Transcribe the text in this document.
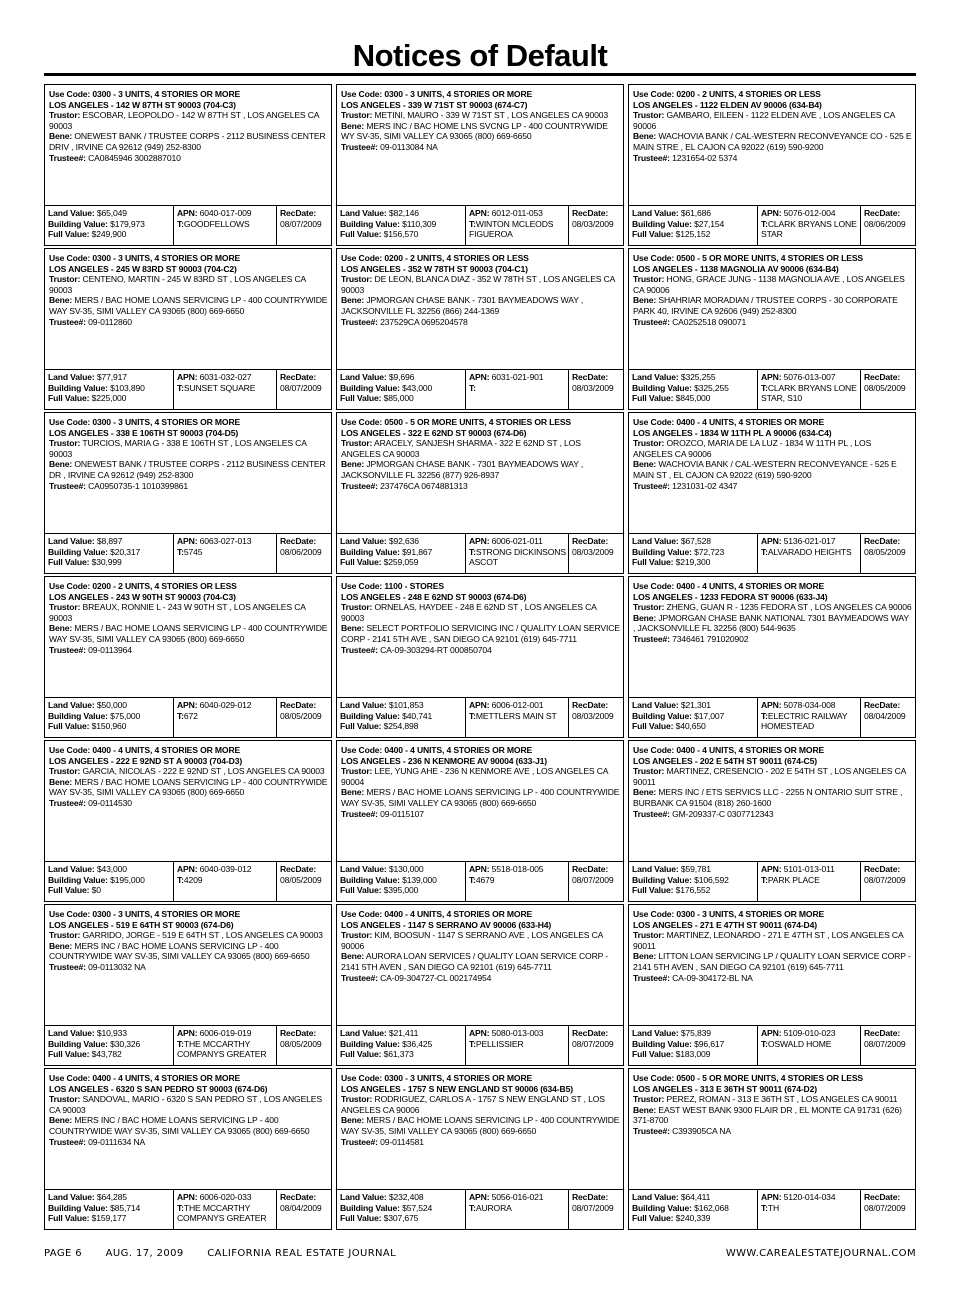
Notices of Default
Use Code: 0300 - 3 UNITS, 4 STORIES OR MORE
LOS ANGELES - 142 W 87TH ST 90003 (704-C3)
Trustor: ESCOBAR, LEOPOLDO - 142 W 87TH ST , LOS ANGELES CA 90003
Bene: ONEWEST BANK / TRUSTEE CORPS - 2112 BUSINESS CENTER DRIV , IRVINE CA 92612 (949) 252-8300
Trustee#: CA0845946 3002887010
Land Value: $65,049
Building Value: $179,973
Full Value: $249,900
APN: 6040-017-009
T:GOODFELLOWS
RecDate:
08/07/2009
Use Code: 0300 - 3 UNITS, 4 STORIES OR MORE
LOS ANGELES - 339 W 71ST ST 90003 (674-C7)
Trustor: METINI, MAURO - 339 W 71ST ST , LOS ANGELES CA 90003
Bene: MERS INC / BAC HOME LNS SVCNG LP - 400 COUNTRYWIDE WY SV-35, SIMI VALLEY CA 93065 (800) 669-6650
Trustee#: 09-0113084 NA
Land Value: $82,146
Building Value: $110,309
Full Value: $156,570
APN: 6012-011-053
T:WINTON MCLEODS FIGUEROA
RecDate:
08/03/2009
Use Code: 0200 - 2 UNITS, 4 STORIES OR LESS
LOS ANGELES - 1122 ELDEN AV 90006 (634-B4)
Trustor: GAMBARO, EILEEN - 1122 ELDEN AVE , LOS ANGELES CA 90006
Bene: WACHOVIA BANK / CAL-WESTERN RECONVEYANCE CO - 525 E MAIN STRE , EL CAJON CA 92022 (619) 590-9200
Trustee#: 1231654-02 5374
Land Value: $61,686
Building Value: $27,154
Full Value: $125,152
APN: 5076-012-004
T:CLARK BRYANS LONE STAR
RecDate:
08/06/2009
Use Code: 0300 - 3 UNITS, 4 STORIES OR MORE
LOS ANGELES - 245 W 83RD ST 90003 (704-C2)
Trustor: CENTENO, MARTIN - 245 W 83RD ST , LOS ANGELES CA 90003
Bene: MERS / BAC HOME LOANS SERVICING LP - 400 COUNTRYWIDE WAY SV-35, SIMI VALLEY CA 93065 (800) 669-6650
Trustee#: 09-0112860
Land Value: $77,917
Building Value: $103,890
Full Value: $225,000
APN: 6031-032-027
T:SUNSET SQUARE
RecDate:
08/07/2009
Use Code: 0200 - 2 UNITS, 4 STORIES OR LESS
LOS ANGELES - 352 W 78TH ST 90003 (704-C1)
Trustor: DE LEON, BLANCA DIAZ - 352 W 78TH ST , LOS ANGELES CA 90003
Bene: JPMORGAN CHASE BANK - 7301 BAYMEADOWS WAY , JACKSONVILLE FL 32256 (866) 244-1369
Trustee#: 237529CA 0695204578
Land Value: $9,696
Building Value: $43,000
Full Value: $85,000
APN: 6031-021-901
T:
RecDate:
08/03/2009
Use Code: 0500 - 5 OR MORE UNITS, 4 STORIES OR LESS
LOS ANGELES - 1138 MAGNOLIA AV 90006 (634-B4)
Trustor: HONG, GRACE JUNG - 1138 MAGNOLIA AVE , LOS ANGELES CA 90006
Bene: SHAHRIAR MORADIAN / TRUSTEE CORPS - 30 CORPORATE PARK 40, IRVINE CA 92606 (949) 252-8300
Trustee#: CA0252518 090071
Land Value: $325,255
Building Value: $325,255
Full Value: $845,000
APN: 5076-013-007
T:CLARK BRYANS LONE STAR, S10
RecDate:
08/05/2009
Use Code: 0300 - 3 UNITS, 4 STORIES OR MORE
LOS ANGELES - 338 E 106TH ST 90003 (704-D5)
Trustor: TURCIOS, MARIA G - 338 E 106TH ST , LOS ANGELES CA 90003
Bene: ONEWEST BANK / TRUSTEE CORPS - 2112 BUSINESS CENTER DR , IRVINE CA 92612 (949) 252-8300
Trustee#: CA0950735-1 1010399861
Land Value: $8,897
Building Value: $20,317
Full Value: $30,999
APN: 6063-027-013
T:5745
RecDate:
08/06/2009
Use Code: 0500 - 5 OR MORE UNITS, 4 STORIES OR LESS
LOS ANGELES - 322 E 62ND ST 90003 (674-D6)
Trustor: ARACELY, SANJESH SHARMA - 322 E 62ND ST , LOS ANGELES CA 90003
Bene: JPMORGAN CHASE BANK - 7301 BAYMEADOWS WAY , JACKSONVILLE FL 32256 (877) 926-8937
Trustee#: 237476CA 0674881313
Land Value: $92,636
Building Value: $91,867
Full Value: $259,059
APN: 6006-021-011
T:STRONG DICKINSONS ASCOT
RecDate:
08/03/2009
Use Code: 0400 - 4 UNITS, 4 STORIES OR MORE
LOS ANGELES - 1834 W 11TH PL A 90006 (634-C4)
Trustor: OROZCO, MARIA DE LA LUZ - 1834 W 11TH PL , LOS ANGELES CA 90006
Bene: WACHOVIA BANK / CAL-WESTERN RECONVEYANCE - 525 E MAIN ST , EL CAJON CA 92022 (619) 590-9200
Trustee#: 1231031-02 4347
Land Value: $67,528
Building Value: $72,723
Full Value: $219,300
APN: 5136-021-017
T:ALVARADO HEIGHTS
RecDate:
08/05/2009
Use Code: 0200 - 2 UNITS, 4 STORIES OR LESS
LOS ANGELES - 243 W 90TH ST 90003 (704-C3)
Trustor: BREAUX, RONNIE L - 243 W 90TH ST , LOS ANGELES CA 90003
Bene: MERS / BAC HOME LOANS SERVICING LP - 400 COUNTRYWIDE WAY SV-35, SIMI VALLEY CA 93065 (800) 669-6650
Trustee#: 09-0113964
Land Value: $50,000
Building Value: $75,000
Full Value: $150,960
APN: 6040-029-012
T:672
RecDate:
08/05/2009
Use Code: 1100 - STORES
LOS ANGELES - 248 E 62ND ST 90003 (674-D6)
Trustor: ORNELAS, HAYDEE - 248 E 62ND ST , LOS ANGELES CA 90003
Bene: SELECT PORTFOLIO SERVICING INC / QUALITY LOAN SERVICE CORP - 2141 5TH AVE , SAN DIEGO CA 92101 (619) 645-7711
Trustee#: CA-09-303294-RT 000850704
Land Value: $101,853
Building Value: $40,741
Full Value: $254,898
APN: 6006-012-001
T:METTLERS MAIN ST
RecDate:
08/03/2009
Use Code: 0400 - 4 UNITS, 4 STORIES OR MORE
LOS ANGELES - 1233 FEDORA ST 90006 (633-J4)
Trustor: ZHENG, GUAN R - 1235 FEDORA ST , LOS ANGELES CA 90006
Bene: JPMORGAN CHASE BANK NATIONAL 7301 BAYMEADOWS WAY , JACKSONVILLE FL 32256 (800) 544-9635
Trustee#: 7346461 791020902
Land Value: $21,301
Building Value: $17,007
Full Value: $40,650
APN: 5078-034-008
T:ELECTRIC RAILWAY HOMESTEAD
RecDate:
08/04/2009
Use Code: 0400 - 4 UNITS, 4 STORIES OR MORE
LOS ANGELES - 222 E 92ND ST A 90003 (704-D3)
Trustor: GARCIA, NICOLAS - 222 E 92ND ST , LOS ANGELES CA 90003
Bene: MERS / BAC HOME LOANS SERVICING LP - 400 COUNTRYWIDE WAY SV-35, SIMI VALLEY CA 93065 (800) 669-6650
Trustee#: 09-0114530
Land Value: $43,000
Building Value: $195,000
Full Value: $0
APN: 6040-039-012
T:4209
RecDate:
08/05/2009
Use Code: 0400 - 4 UNITS, 4 STORIES OR MORE
LOS ANGELES - 236 N KENMORE AV 90004 (633-J1)
Trustor: LEE, YUNG AHE - 236 N KENMORE AVE , LOS ANGELES CA 90004
Bene: MERS / BAC HOME LOANS SERVICING LP - 400 COUNTRYWIDE WAY SV-35, SIMI VALLEY CA 93065 (800) 669-6650
Trustee#: 09-0115107
Land Value: $130,000
Building Value: $139,000
Full Value: $395,000
APN: 5518-018-005
T:4679
RecDate:
08/07/2009
Use Code: 0400 - 4 UNITS, 4 STORIES OR MORE
LOS ANGELES - 202 E 54TH ST 90011 (674-C5)
Trustor: MARTINEZ, CRESENCIO - 202 E 54TH ST , LOS ANGELES CA 90011
Bene: MERS INC / ETS SERVICS LLC - 2255 N ONTARIO SUIT STRE , BURBANK CA 91504 (818) 260-1600
Trustee#: GM-209337-C 0307712343
Land Value: $59,781
Building Value: $106,592
Full Value: $176,552
APN: 5101-013-011
T:PARK PLACE
RecDate:
08/07/2009
Use Code: 0300 - 3 UNITS, 4 STORIES OR MORE
LOS ANGELES - 519 E 64TH ST 90003 (674-D6)
Trustor: GARRIDO, JORGE - 519 E 64TH ST , LOS ANGELES CA 90003
Bene: MERS INC / BAC HOME LOANS SERVICING LP - 400 COUNTRYWIDE WAY SV-35, SIMI VALLEY CA 93065 (800) 669-6650
Trustee#: 09-0113032 NA
Land Value: $10,933
Building Value: $30,326
Full Value: $43,782
APN: 6006-019-019
T:THE MCCARTHY COMPANYS GREATER
RecDate:
08/05/2009
Use Code: 0400 - 4 UNITS, 4 STORIES OR MORE
LOS ANGELES - 1147 S SERRANO AV 90006 (633-H4)
Trustor: KIM, BOOSUN - 1147 S SERRANO AVE , LOS ANGELES CA 90006
Bene: AURORA LOAN SERVICES / QUALITY LOAN SERVICE CORP - 2141 5TH AVEN , SAN DIEGO CA 92101 (619) 645-7711
Trustee#: CA-09-304727-CL 002174954
Land Value: $21,411
Building Value: $36,425
Full Value: $61,373
APN: 5080-013-003
T:PELLISSIER
RecDate:
08/07/2009
Use Code: 0300 - 3 UNITS, 4 STORIES OR MORE
LOS ANGELES - 271 E 47TH ST 90011 (674-D4)
Trustor: MARTINEZ, LEONARDO - 271 E 47TH ST , LOS ANGELES CA 90011
Bene: LITTON LOAN SERVICING LP / QUALITY LOAN SERVICE CORP - 2141 5TH AVEN , SAN DIEGO CA 92101 (619) 645-7711
Trustee#: CA-09-304172-BL NA
Land Value: $75,839
Building Value: $96,617
Full Value: $183,009
APN: 5109-010-023
T:OSWALD HOME
RecDate:
08/07/2009
Use Code: 0400 - 4 UNITS, 4 STORIES OR MORE
LOS ANGELES - 6320 S SAN PEDRO ST 90003 (674-D6)
Trustor: SANDOVAL, MARIO - 6320 S SAN PEDRO ST , LOS ANGELES CA 90003
Bene: MERS INC / BAC HOME LOANS SERVICING LP - 400 COUNTRYWIDE WAY SV-35, SIMI VALLEY CA 93065 (800) 669-6650
Trustee#: 09-0111634 NA
Land Value: $64,285
Building Value: $85,714
Full Value: $159,177
APN: 6006-020-033
T:THE MCCARTHY COMPANYS GREATER
RecDate:
08/04/2009
Use Code: 0300 - 3 UNITS, 4 STORIES OR MORE
LOS ANGELES - 1757 S NEW ENGLAND ST 90006 (634-B5)
Trustor: RODRIGUEZ, CARLOS A - 1757 S NEW ENGLAND ST , LOS ANGELES CA 90006
Bene: MERS / BAC HOME LOANS SERVICING LP - 400 COUNTRYWIDE WAY SV-35, SIMI VALLEY CA 93065 (800) 669-6650
Trustee#: 09-0114581
Land Value: $232,408
Building Value: $57,524
Full Value: $307,675
APN: 5056-016-021
T:AURORA
RecDate:
08/07/2009
Use Code: 0500 - 5 OR MORE UNITS, 4 STORIES OR LESS
LOS ANGELES - 313 E 36TH ST 90011 (674-D2)
Trustor: PEREZ, ROMAN - 313 E 36TH ST , LOS ANGELES CA 90011
Bene: EAST WEST BANK 9300 FLAIR DR , EL MONTE CA 91731 (626) 371-8700
Trustee#: C393905CA NA
Land Value: $64,411
Building Value: $162,068
Full Value: $240,339
APN: 5120-014-034
T:TH
RecDate:
08/07/2009
PAGE 6 AUG. 17, 2009 CALIFORNIA REAL ESTATE JOURNAL	WWW.CAREALESTATEJOURNAL.COM
